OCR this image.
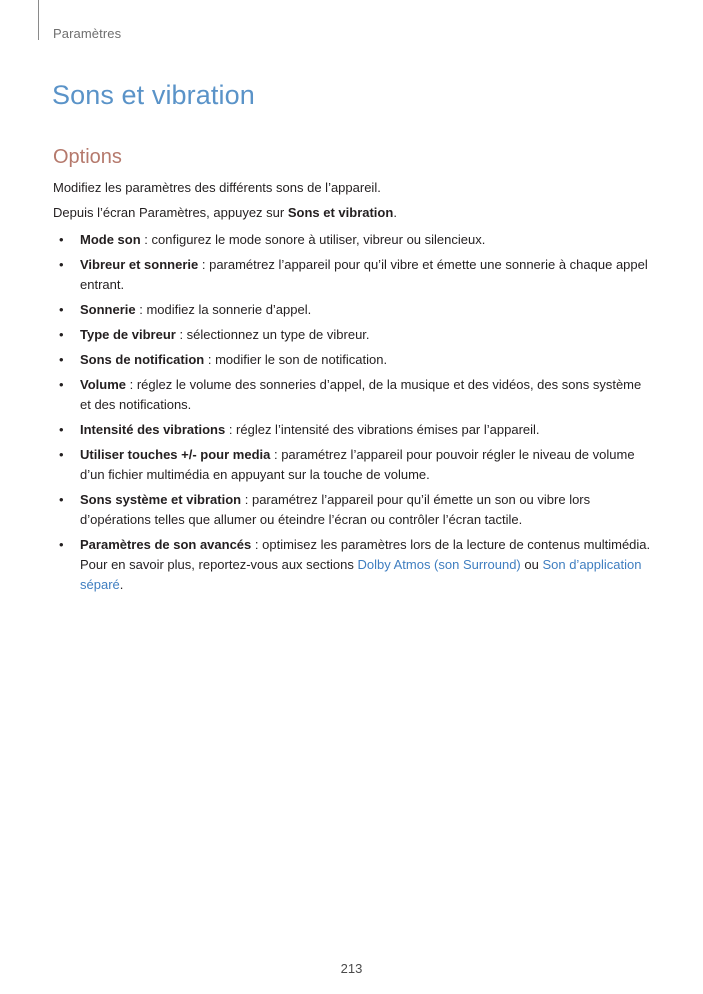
Paramètres
Sons et vibration
Options

Modifiez les paramètres des différents sons de l’appareil.

Depuis l’écran Paramètres, appuyez sur Sons et vibration.

• Mode son : configurez le mode sonore à utiliser, vibreur ou silencieux.
• Vibreur et sonnerie : paramétrez l’appareil pour qu’il vibre et émette une sonnerie à chaque appel entrant.
• Sonnerie : modifiez la sonnerie d’appel.
• Type de vibreur : sélectionnez un type de vibreur.
• Sons de notification : modifier le son de notification.
• Volume : réglez le volume des sonneries d’appel, de la musique et des vidéos, des sons système et des notifications.
• Intensité des vibrations : réglez l’intensité des vibrations émises par l’appareil.
• Utiliser touches +/- pour media : paramétrez l’appareil pour pouvoir régler le niveau de volume d’un fichier multimédia en appuyant sur la touche de volume.
• Sons système et vibration : paramétrez l’appareil pour qu’il émette un son ou vibre lors d’opérations telles que allumer ou éteindre l’écran ou contrôler l’écran tactile.
• Paramètres de son avancés : optimisez les paramètres lors de la lecture de contenus multimédia. Pour en savoir plus, reportez-vous aux sections Dolby Atmos (son Surround) ou Son d’application séparé.
213
